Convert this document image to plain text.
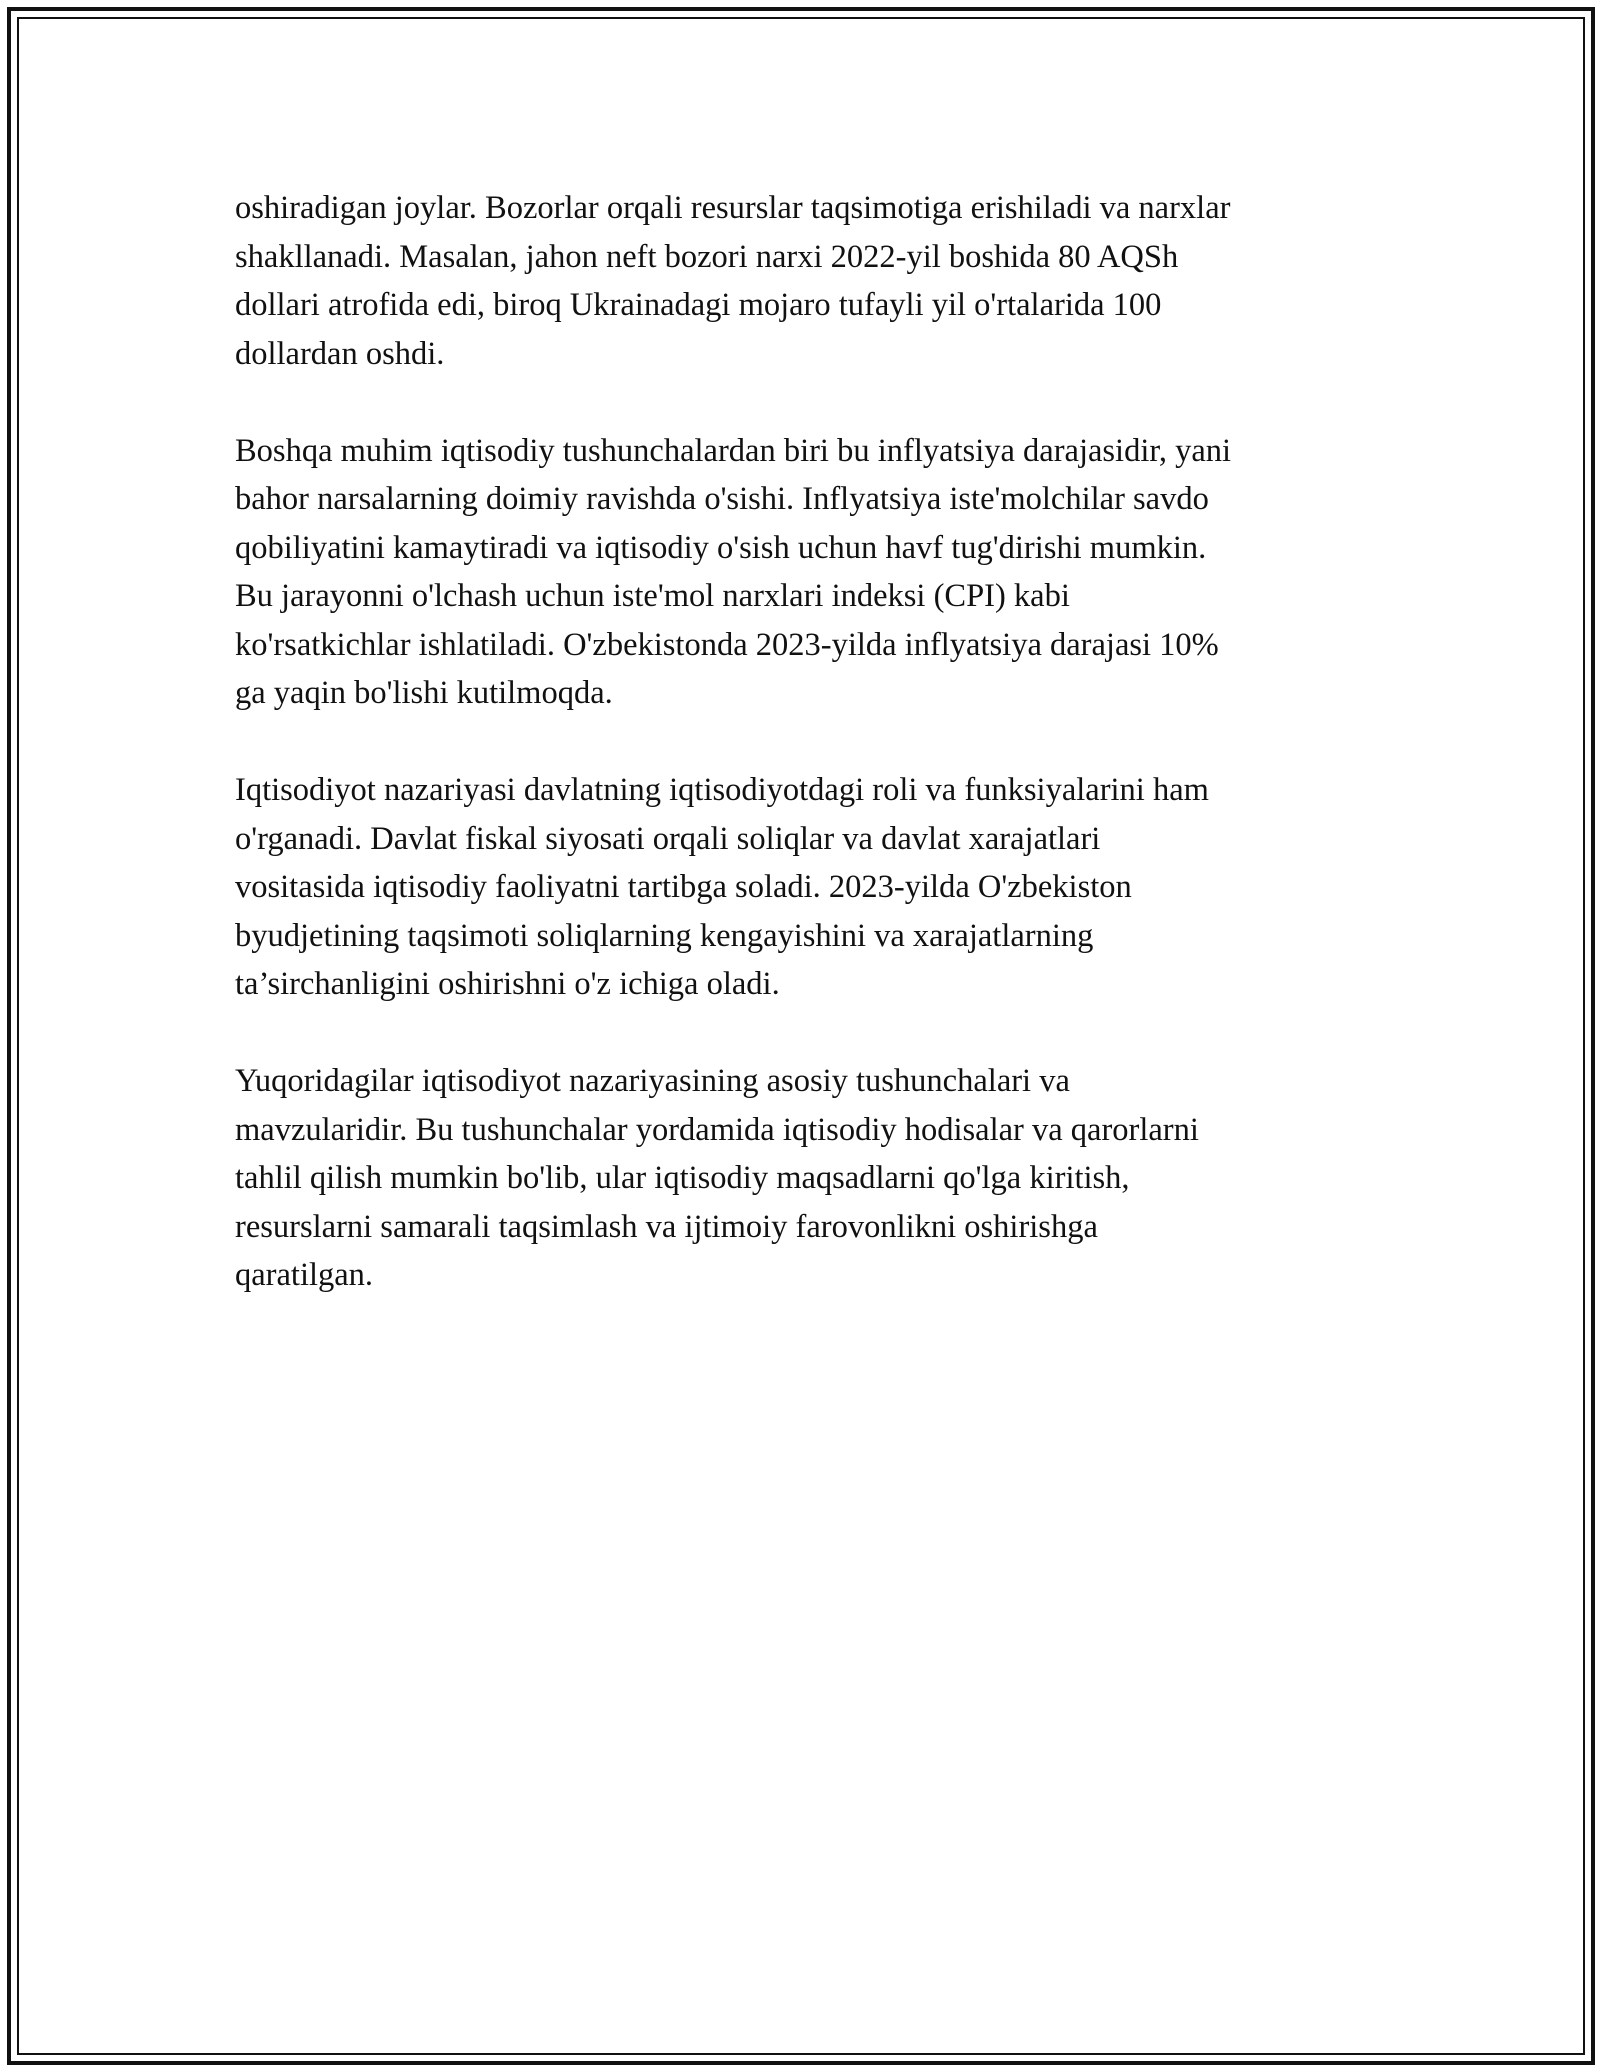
oshiradigan joylar. Bozorlar orqali resurslar taqsimotiga erishiladi va narxlar
shakllanadi. Masalan, jahon neft bozori narxi 2022-yil boshida 80 AQSh
dollari atrofida edi, biroq Ukrainadagi mojaro tufayli yil o'rtalarida 100
dollardan oshdi.

Boshqa muhim iqtisodiy tushunchalardan biri bu inflyatsiya darajasidir, yani
bahor narsalarning doimiy ravishda o'sishi. Inflyatsiya iste'molchilar savdo
qobiliyatini kamaytiradi va iqtisodiy o'sish uchun havf tug'dirishi mumkin.
Bu jarayonni o'lchash uchun iste'mol narxlari indeksi (CPI) kabi
ko'rsatkichlar ishlatiladi. O'zbekistonda 2023-yilda inflyatsiya darajasi 10%
ga yaqin bo'lishi kutilmoqda.

Iqtisodiyot nazariyasi davlatning iqtisodiyotdagi roli va funksiyalarini ham
o'rganadi. Davlat fiskal siyosati orqali soliqlar va davlat xarajatlari
vositasida iqtisodiy faoliyatni tartibga soladi. 2023-yilda O'zbekiston
byudjetining taqsimoti soliqlarning kengayishini va xarajatlarning
ta’sirchanligini oshirishni o'z ichiga oladi.

Yuqoridagilar iqtisodiyot nazariyasining asosiy tushunchalari va
mavzularidir. Bu tushunchalar yordamida iqtisodiy hodisalar va qarorlarni
tahlil qilish mumkin bo'lib, ular iqtisodiy maqsadlarni qo'lga kiritish,
resurslarni samarali taqsimlash va ijtimoiy farovonlikni oshirishga
qaratilgan.
